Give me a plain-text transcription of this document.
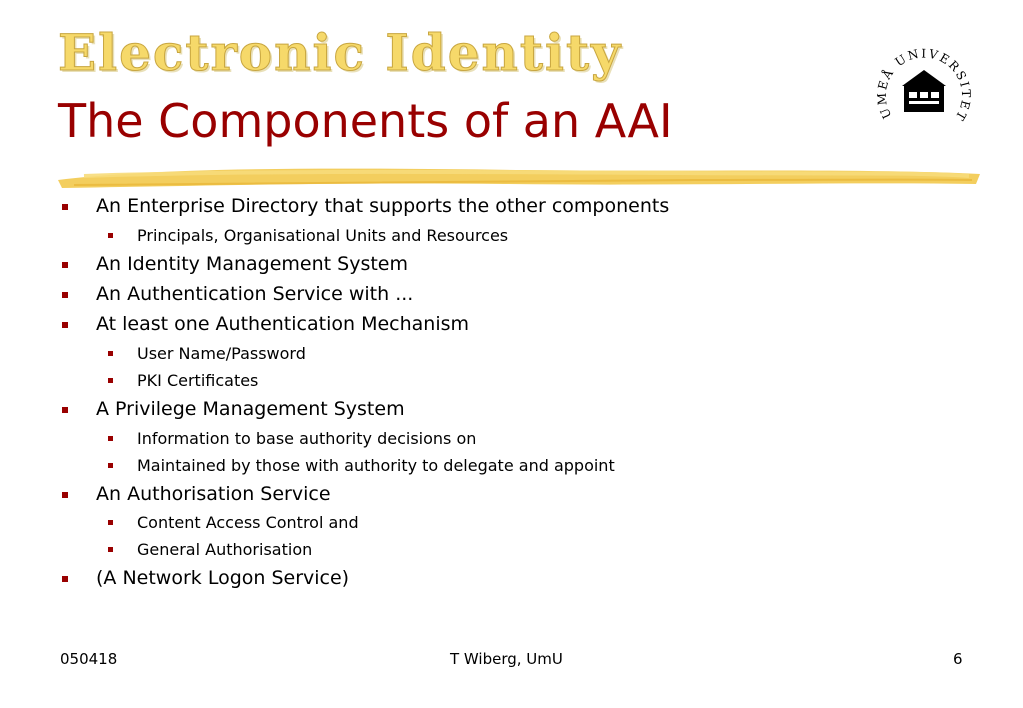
Electronic Identity
The Components of an AAI	UMEÅ UNIVERSITET
An Enterprise Directory that supports the other components
Principals, Organisational Units and Resources
An Identity Management System
An Authentication Service with ...
At least one Authentication Mechanism
User Name/Password
PKI Certificates
A Privilege Management System
Information to base authority decisions on
Maintained by those with authority to delegate and appoint
An Authorisation Service
Content Access Control and
General Authorisation
(A Network Logon Service)
050418	T Wiberg, UmU	6
